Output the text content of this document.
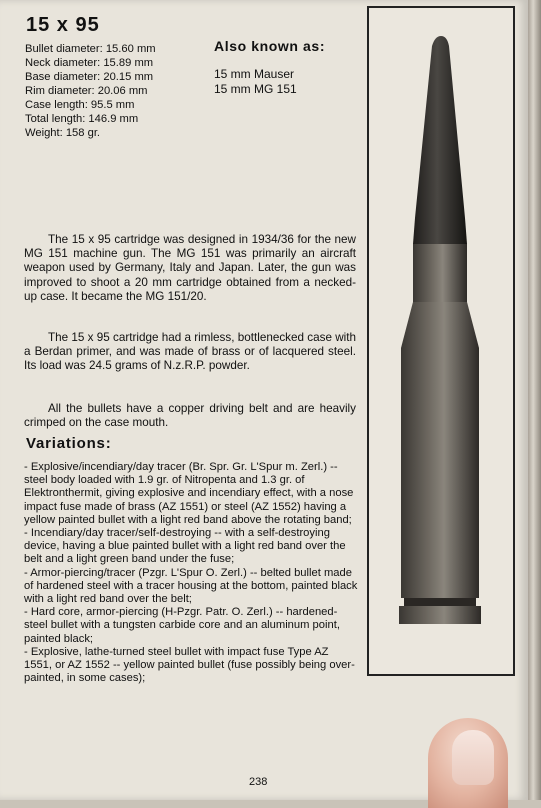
15 x 95
Bullet diameter: 15.60 mm
Neck diameter: 15.89 mm
Base diameter: 20.15 mm
Rim diameter: 20.06 mm
Case length: 95.5 mm
Total length: 146.9 mm
Weight: 158 gr.
Also known as:
15 mm Mauser
15 mm MG 151

The 15 x 95 cartridge was designed in 1934/36 for the new MG 151 machine gun. The MG 151 was primarily an aircraft weapon used by Germany, Italy and Japan. Later, the gun was improved to shoot a 20 mm cartridge obtained from a necked-up case. It became the MG 151/20.

The 15 x 95 cartridge had a rimless, bottlenecked case with a Berdan primer, and was made of brass or of lacquered steel. Its load was 24.5 grams of N.z.R.P. powder.

All the bullets have a copper driving belt and are heavily crimped on the case mouth.

Variations:
- Explosive/incendiary/day tracer (Br. Spr. Gr. L'Spur m. Zerl.) -- steel body loaded with 1.9 gr. of Nitropenta and 1.3 gr. of Elektronthermit, giving explosive and incendiary effect, with a nose impact fuse made of brass (AZ 1551) or steel (AZ 1552) having a yellow painted bullet with a light red band above the rotating band;
- Incendiary/day tracer/self-destroying -- with a self-destroying device, having a blue painted bullet with a light red band over the belt and a light green band under the fuse;
- Armor-piercing/tracer (Pzgr. L'Spur O. Zerl.) -- belted bullet made of hardened steel with a tracer housing at the bottom, painted black with a light red band over the belt;
- Hard core, armor-piercing (H-Pzgr. Patr. O. Zerl.) -- hardened-steel bullet with a tungsten carbide core and an aluminum point, painted black;
- Explosive, lathe-turned steel bullet with impact fuse Type AZ 1551, or AZ 1552 -- yellow painted bullet (fuse possibly being over-painted, in some cases);
238
